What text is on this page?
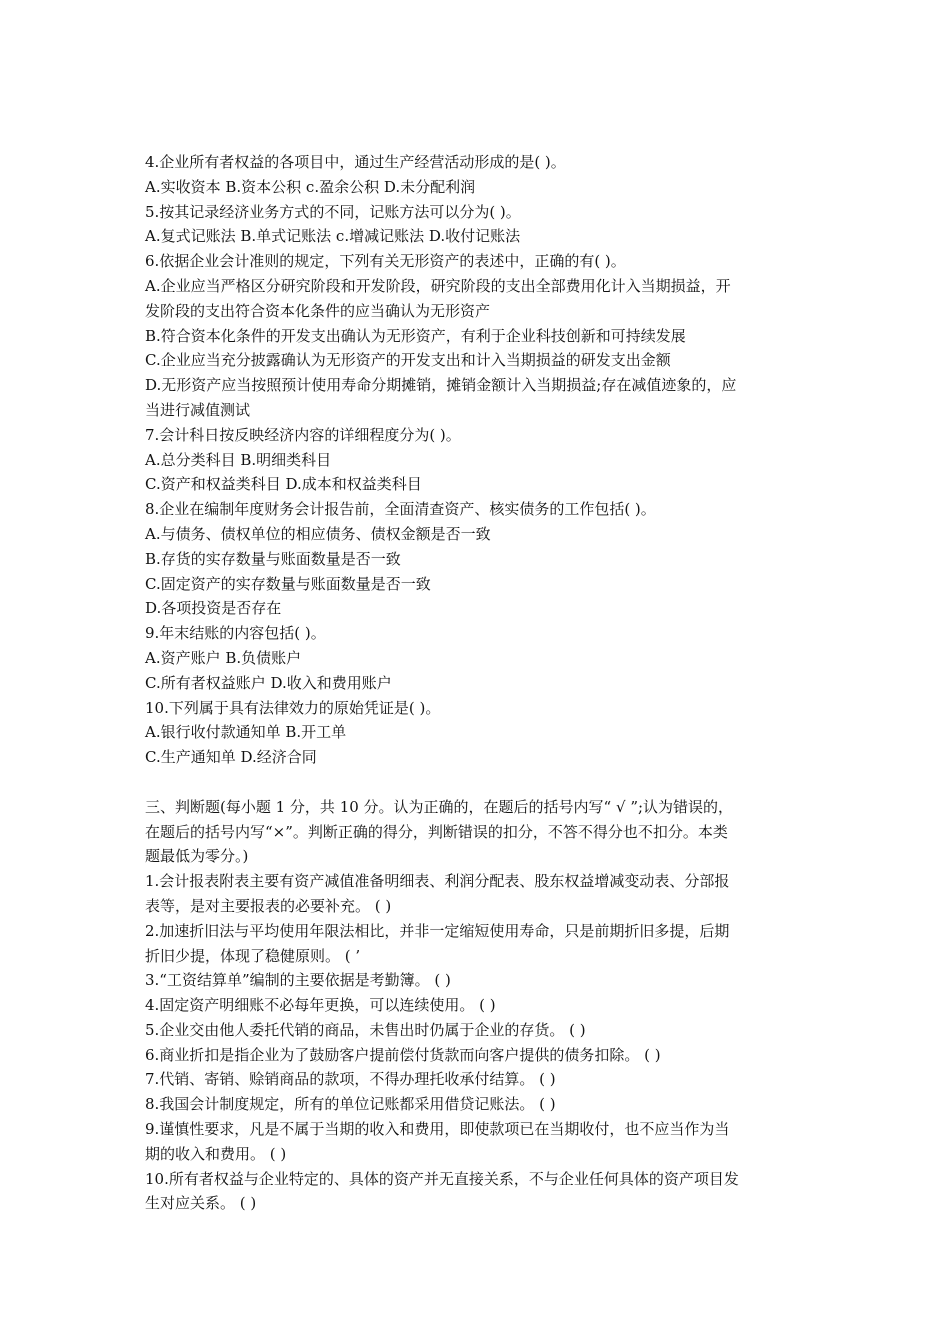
4.企业所有者权益的各项目中，通过生产经营活动形成的是( )。
A.实收资本 B.资本公积 c.盈余公积 D.未分配利润
5.按其记录经济业务方式的不同，记账方法可以分为( )。
A.复式记账法 B.单式记账法 c.增减记账法 D.收付记账法
6.依据企业会计准则的规定，下列有关无形资产的表述中，正确的有( )。
A.企业应当严格区分研究阶段和开发阶段，研究阶段的支出全部费用化计入当期损益，开
发阶段的支出符合资本化条件的应当确认为无形资产
B.符合资本化条件的开发支出确认为无形资产，有利于企业科技创新和可持续发展
C.企业应当充分披露确认为无形资产的开发支出和计入当期损益的研发支出金额
D.无形资产应当按照预计使用寿命分期摊销，摊销金额计入当期损益;存在减值迹象的，应
当进行减值测试
7.会计科日按反映经济内容的详细程度分为( )。
A.总分类科目 B.明细类科目
C.资产和权益类科目 D.成本和权益类科目
8.企业在编制年度财务会计报告前，全面清查资产、核实债务的工作包括( )。
A.与债务、债权单位的相应债务、债权金额是否一致
B.存货的实存数量与账面数量是否一致
C.固定资产的实存数量与账面数量是否一致
D.各项投资是否存在
9.年末结账的内容包括( )。
A.资产账户 B.负债账户
C.所有者权益账户 D.收入和费用账户
10.下列属于具有法律效力的原始凭证是( )。
A.银行收付款通知单 B.开工单
C.生产通知单 D.经济合同
三、判断题(每小题 1 分，共 10 分。认为正确的，在题后的括号内写“ √ ”;认为错误的，
在题后的括号内写“×”。判断正确的得分，判断错误的扣分，不答不得分也不扣分。本类
题最低为零分。)
1.会计报表附表主要有资产减值准备明细表、利润分配表、股东权益增减变动表、分部报
表等，是对主要报表的必要补充。 ( )
2.加速折旧法与平均使用年限法相比，并非一定缩短使用寿命，只是前期折旧多提，后期
折旧少提，体现了稳健原则。 ( ’
3.“工资结算单”编制的主要依据是考勤簿。 ( )
4.固定资产明细账不必每年更换，可以连续使用。 ( )
5.企业交由他人委托代销的商品，未售出时仍属于企业的存货。 ( )
6.商业折扣是指企业为了鼓励客户提前偿付货款而向客户提供的债务扣除。 ( )
7.代销、寄销、赊销商品的款项，不得办理托收承付结算。 ( )
8.我国会计制度规定，所有的单位记账都采用借贷记账法。 ( )
9.谨慎性要求，凡是不属于当期的收入和费用，即使款项已在当期收付，也不应当作为当
期的收入和费用。 ( )
10.所有者权益与企业特定的、具体的资产并无直接关系，不与企业任何具体的资产项目发
生对应关系。 ( )
